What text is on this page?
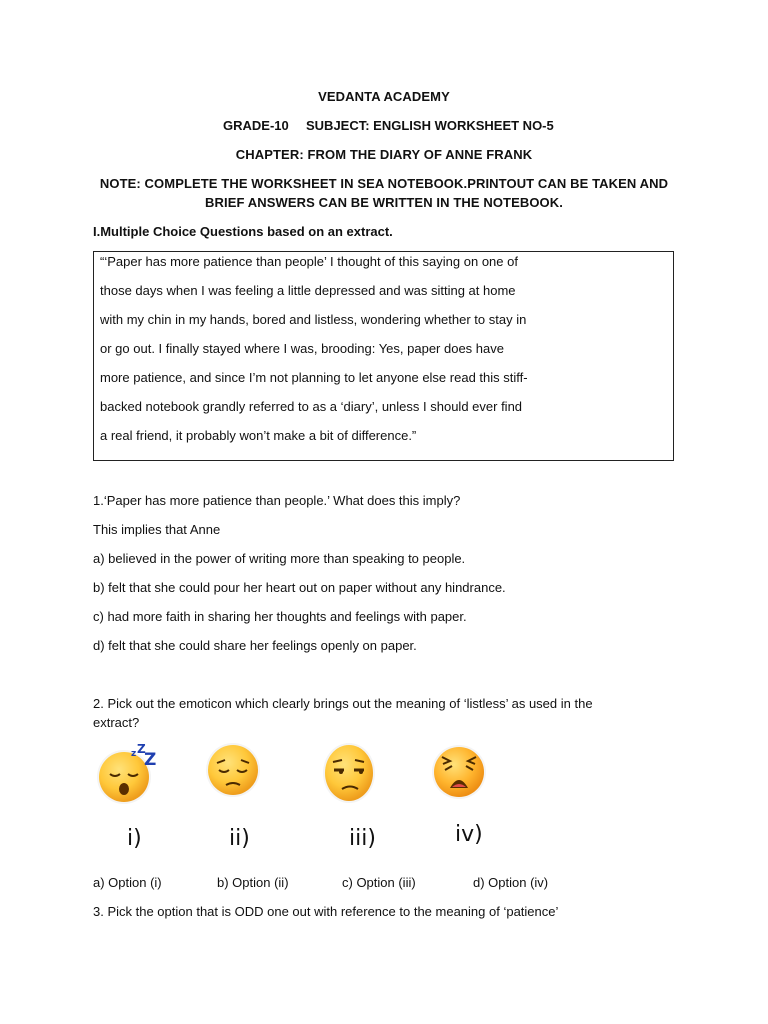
VEDANTA ACADEMY
GRADE-10 SUBJECT: ENGLISH WORKSHEET NO-5
CHAPTER: FROM THE DIARY OF ANNE FRANK
NOTE: COMPLETE THE WORKSHEET IN SEA NOTEBOOK.PRINTOUT CAN BE TAKEN AND
BRIEF ANSWERS CAN BE WRITTEN IN THE NOTEBOOK.
I.Multiple Choice Questions based on an extract.
“‘Paper has more patience than people’ I thought of this saying on one of
those days when I was feeling a little depressed and was sitting at home
with my chin in my hands, bored and listless, wondering whether to stay in
or go out. I finally stayed where I was, brooding: Yes, paper does have
more patience, and since I’m not planning to let anyone else read this stiff-
backed notebook grandly referred to as a ‘diary’, unless I should ever find
a real friend, it probably won’t make a bit of difference.”
1.‘Paper has more patience than people.’ What does this imply?
This implies that Anne
a) believed in the power of writing more than speaking to people.
b) felt that she could pour her heart out on paper without any hindrance.
c) had more faith in sharing her thoughts and feelings with paper.
d) felt that she could share her feelings openly on paper.
2. Pick out the emoticon which clearly brings out the meaning of ‘listless’ as used in the
extract?
z Z
Z
i)	ii)	iii)	iv)
a) Option (i)	b) Option (ii)	c) Option (iii)	d) Option (iv)
3. Pick the option that is ODD one out with reference to the meaning of ‘patience’
